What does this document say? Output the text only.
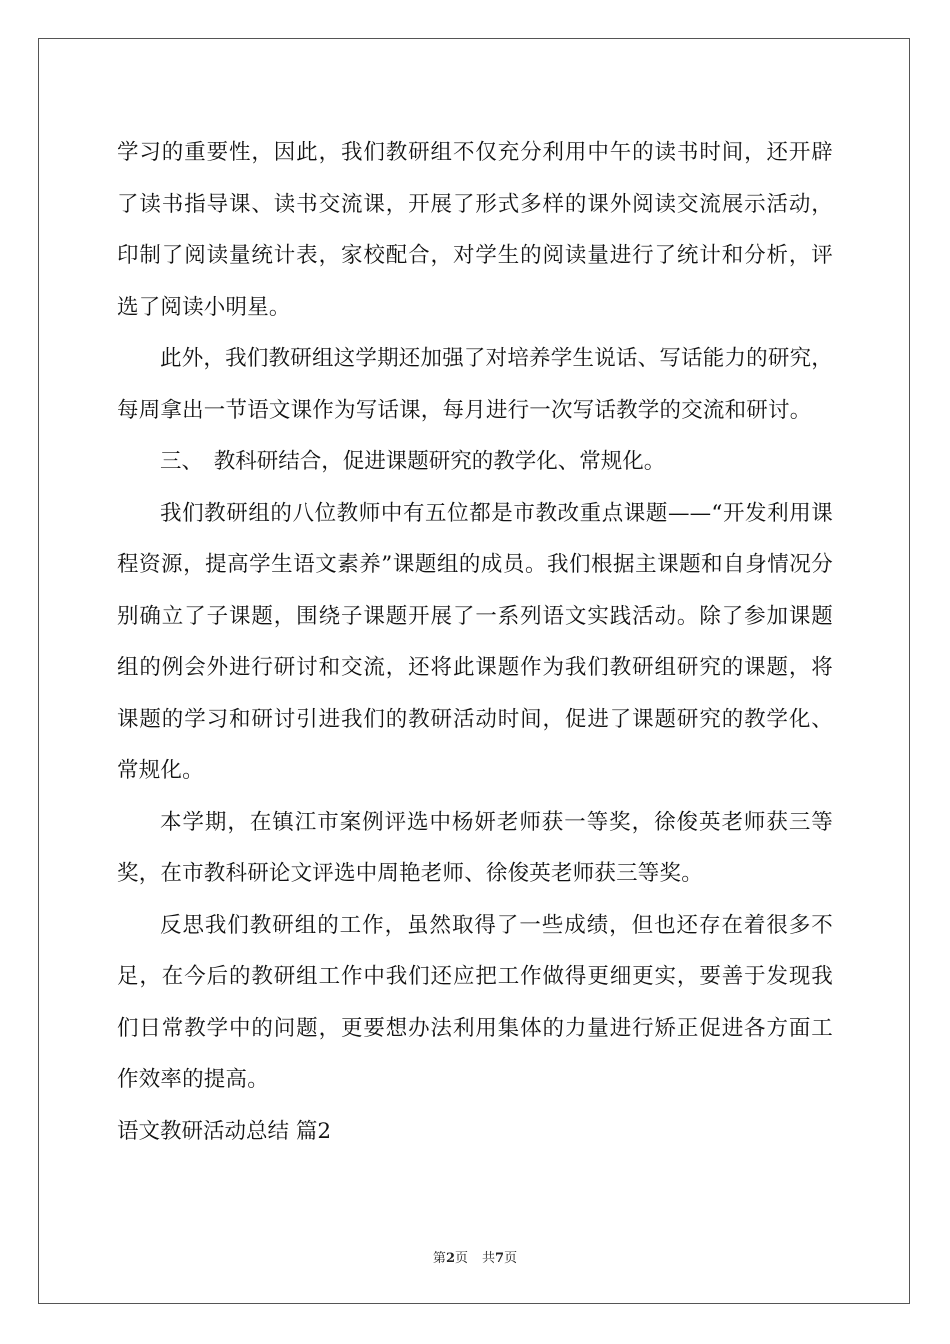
学习的重要性，因此，我们教研组不仅充分利用中午的读书时间，还开辟了读书指导课、读书交流课，开展了形式多样的课外阅读交流展示活动，印制了阅读量统计表，家校配合，对学生的阅读量进行了统计和分析，评选了阅读小明星。

此外，我们教研组这学期还加强了对培养学生说话、写话能力的研究，每周拿出一节语文课作为写话课，每月进行一次写话教学的交流和研讨。

三、　教科研结合，促进课题研究的教学化、常规化。

我们教研组的八位教师中有五位都是市教改重点课题——“开发利用课程资源，提高学生语文素养”课题组的成员。我们根据主课题和自身情况分别确立了子课题，围绕子课题开展了一系列语文实践活动。除了参加课题组的例会外进行研讨和交流，还将此课题作为我们教研组研究的课题，将课题的学习和研讨引进我们的教研活动时间，促进了课题研究的教学化、常规化。

本学期，在镇江市案例评选中杨妍老师获一等奖，徐俊英老师获三等奖，在市教科研论文评选中周艳老师、徐俊英老师获三等奖。

反思我们教研组的工作，虽然取得了一些成绩，但也还存在着很多不足，在今后的教研组工作中我们还应把工作做得更细更实，要善于发现我们日常教学中的问题，更要想办法利用集体的力量进行矫正促进各方面工作效率的提高。

语文教研活动总结 篇2

第2页 共7页
